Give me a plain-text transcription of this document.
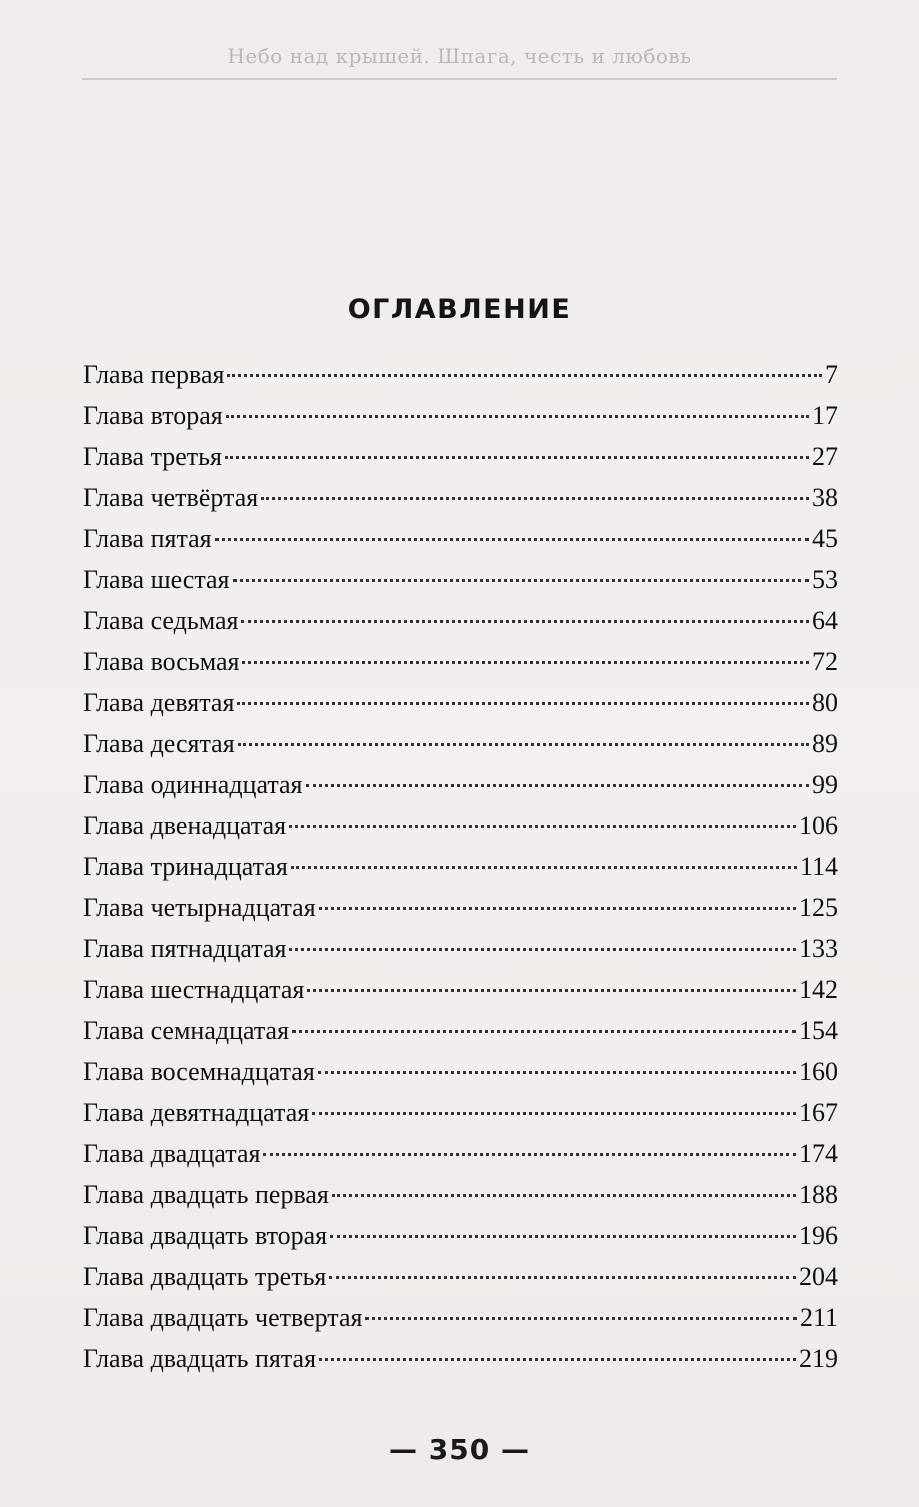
Небо над крышей. Шпага, честь и любовь
ОГЛАВЛЕНИЕ
Глава первая	7
Глава вторая	17
Глава третья	27
Глава четвёртая	38
Глава пятая	45
Глава шестая	53
Глава седьмая	64
Глава восьмая	72
Глава девятая	80
Глава десятая	89
Глава одиннадцатая	99
Глава двенадцатая	106
Глава тринадцатая	114
Глава четырнадцатая	125
Глава пятнадцатая	133
Глава шестнадцатая	142
Глава семнадцатая	154
Глава восемнадцатая	160
Глава девятнадцатая	167
Глава двадцатая	174
Глава двадцать первая	188
Глава двадцать вторая	196
Глава двадцать третья	204
Глава двадцать четвертая	211
Глава двадцать пятая	219
— 350 —
